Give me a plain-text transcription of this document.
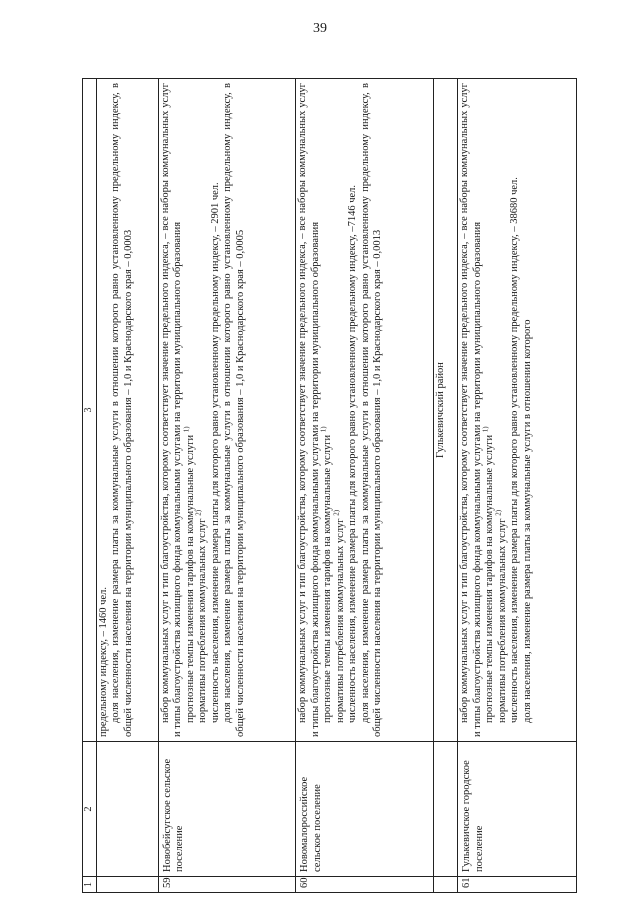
39
1	2	3

		предельному индексу, – 1460 чел. доля населения, изменение размера платы за коммунальные услуги в отношении которого равно установленному предельному индексу, в общей численности населения на территории муниципального образования – 1,0 и Краснодарского края – 0,0003

59	Новобейсугское сельское поселение	набор коммунальных услуг и тип благоустройства, которому соответствует значение предельного индекса, – все наборы коммунальных услуг и типы благоустройства жилищного фонда коммунальными услугами на территории муниципального образования прогнозные темпы изменения тарифов на коммунальные услуги $^{1)}$
нормативы потребления коммунальных услуг $^{2)}$ численность населения, изменение размера платы для которого равно установленному предельному индексу, – 2901 чел. доля населения, изменение размера платы за коммунальные услуги в отношении которого равно установленному предельному индексу, в общей численности населения на территории муниципального образования – 1,0 и Краснодарского края – 0,0005

60	Новомалороссийское сельское поселение	набор коммунальных услуг и тип благоустройства, которому соответствует значение предельного индекса, – все наборы коммунальных услуг и типы благоустройства жилищного фонда коммунальными услугами на территории муниципального образования прогнозные темпы изменения тарифов на коммунальные услуги $^{1)}$
нормативы потребления коммунальных услуг $^{2)}$ численность населения, изменение размера платы для которого равно установленному предельному индексу, –7146 чел. доля населения, изменение размера платы за коммунальные услуги в отношении которого равно установленному предельному индексу, в общей численности населения на территории муниципального образования – 1,0 и Краснодарского края – 0,0013

		Гулькевичский район
61	Гулькевичское городское поселение	набор коммунальных услуг и тип благоустройства, которому соответствует значение предельного индекса, – все наборы коммунальных услуг и типы благоустройства жилищного фонда коммунальными услугами на территории муниципального образования прогнозные темпы изменения тарифов на коммунальные услуги $^{1)}$
нормативы потребления коммунальных услуг $^{2)}$ численность населения, изменение размера платы для которого равно установленному предельному индексу, – 38680 чел. доля населения, изменение размера платы за коммунальные услуги в отношении которого
